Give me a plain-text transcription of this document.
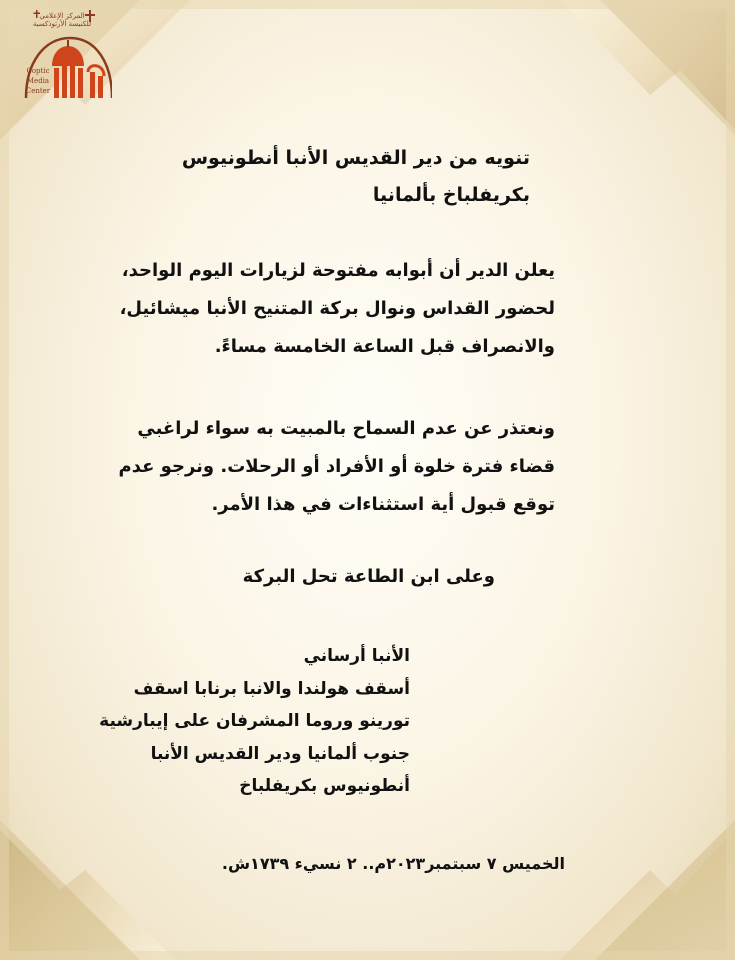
المركز الإعلامي للكنيسة الأرثوذكسية
Coptic
Media
Center
تنويه من دير القديس الأنبا أنطونيوس
بكريفلباخ بألمانيا
يعلن الدير أن أبوابه مفتوحة لزيارات اليوم الواحد،
لحضور القداس ونوال بركة المتنيح الأنبا ميشائيل،
والانصراف قبل الساعة الخامسة مساءً.
ونعتذر عن عدم السماح بالمبيت به سواء لراغبي
قضاء فترة خلوة أو الأفراد أو الرحلات. ونرجو عدم
توقع قبول أية استثناءات في هذا الأمر.
وعلى ابن الطاعة تحل البركة
الأنبا أرساني
أسقف هولندا والانبا برنابا اسقف
تورينو وروما المشرفان على إيبارشية
جنوب ألمانيا ودير القديس الأنبا
أنطونيوس بكريفلباخ
الخميس ٧ سبتمبر٢٠٢٣م.. ٢ نسيء ١٧٣٩ش.
